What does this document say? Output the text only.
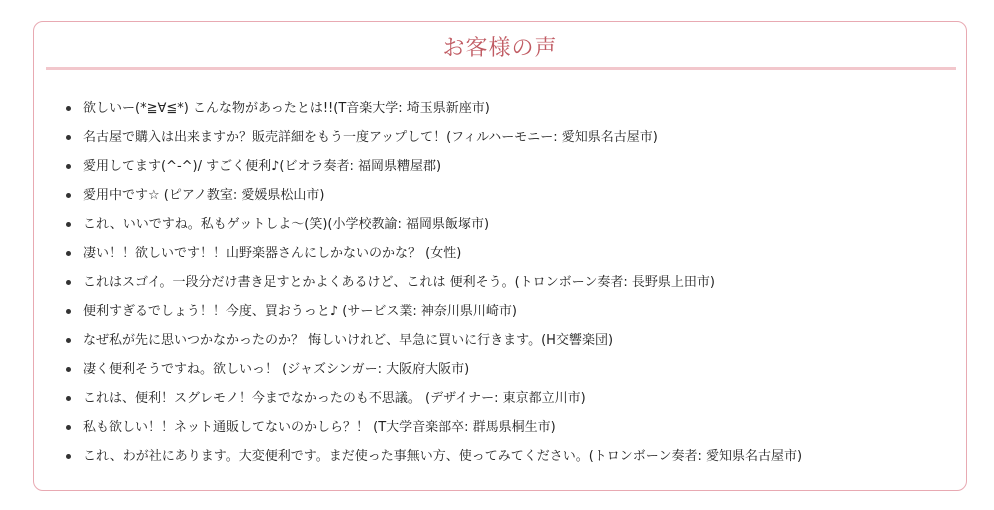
お客様の声
欲しいー(*≧∀≦*) こんな物があったとは!!(T音楽大学: 埼玉県新座市)
名古屋で購入は出来ますか？販売詳細をもう一度アップして！(フィルハーモニー: 愛知県名古屋市)
愛用してます(^-^)/ すごく便利♪(ビオラ奏者: 福岡県糟屋郡)
愛用中です☆ (ピアノ教室: 愛媛県松山市)
これ、いいですね。私もゲットしよ〜(笑)(小学校教諭: 福岡県飯塚市)
凄い！！欲しいです！！山野楽器さんにしかないのかな？ (女性)
これはスゴイ。一段分だけ書き足すとかよくあるけど、これは 便利そう。(トロンボーン奏者: 長野県上田市)
便利すぎるでしょう！！今度、買おうっと♪ (サービス業: 神奈川県川崎市)
なぜ私が先に思いつかなかったのか？ 悔しいけれど、早急に買いに行きます。(H交響楽団)
凄く便利そうですね。欲しいっ！ (ジャズシンガー: 大阪府大阪市)
これは、便利！スグレモノ！今までなかったのも不思議。 (デザイナー: 東京都立川市)
私も欲しい！！ネット通販してないのかしら？！ (T大学音楽部卒: 群馬県桐生市)
これ、わが社にあります。大変便利です。まだ使った事無い方、使ってみてください。(トロンボーン奏者: 愛知県名古屋市)
